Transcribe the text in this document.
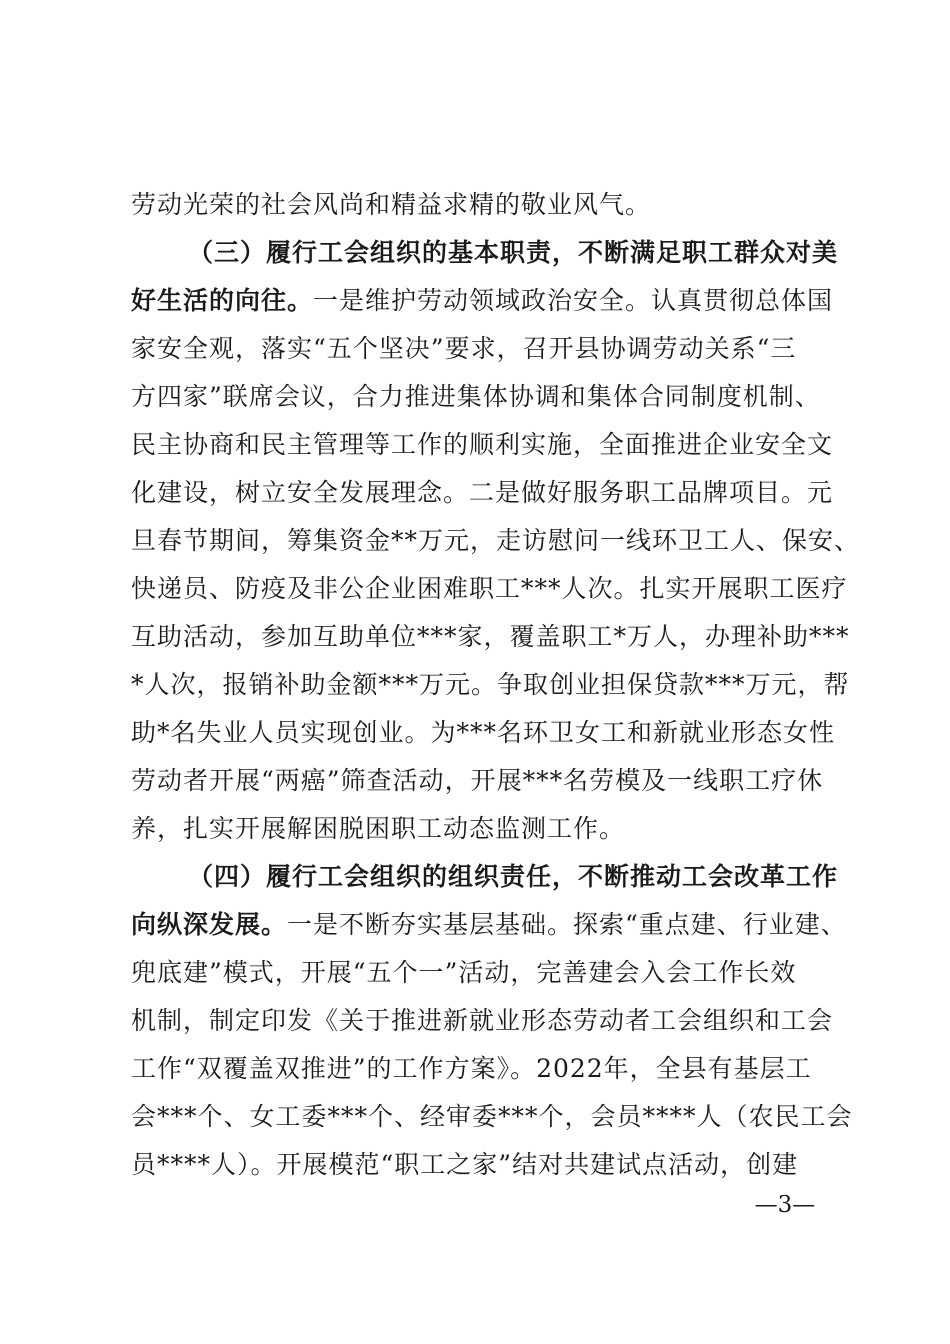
劳动光荣的社会风尚和精益求精的敬业风气。
（三）履行工会组织的基本职责，不断满足职工群众对美
好生活的向往。一是维护劳动领域政治安全。认真贯彻总体国
家安全观，落实“五个坚决”要求，召开县协调劳动关系“三
方四家”联席会议，合力推进集体协调和集体合同制度机制、
民主协商和民主管理等工作的顺利实施，全面推进企业安全文
化建设，树立安全发展理念。二是做好服务职工品牌项目。元
旦春节期间，筹集资金**万元，走访慰问一线环卫工人、保安、
快递员、防疫及非公企业困难职工***人次。扎实开展职工医疗
互助活动，参加互助单位***家，覆盖职工*万人，办理补助***
*人次，报销补助金额***万元。争取创业担保贷款***万元，帮
助*名失业人员实现创业。为***名环卫女工和新就业形态女性
劳动者开展“两癌”筛查活动，开展***名劳模及一线职工疗休
养，扎实开展解困脱困职工动态监测工作。
（四）履行工会组织的组织责任，不断推动工会改革工作
向纵深发展。一是不断夯实基层基础。探索“重点建、行业建、
兜底建”模式，开展“五个一”活动，完善建会入会工作长效
机制，制定印发《关于推进新就业形态劳动者工会组织和工会
工作“双覆盖双推进”的工作方案》。2022年，全县有基层工
会***个、女工委***个、经审委***个，会员****人（农民工会
员****人）。开展模范“职工之家”结对共建试点活动，创建
—3—
